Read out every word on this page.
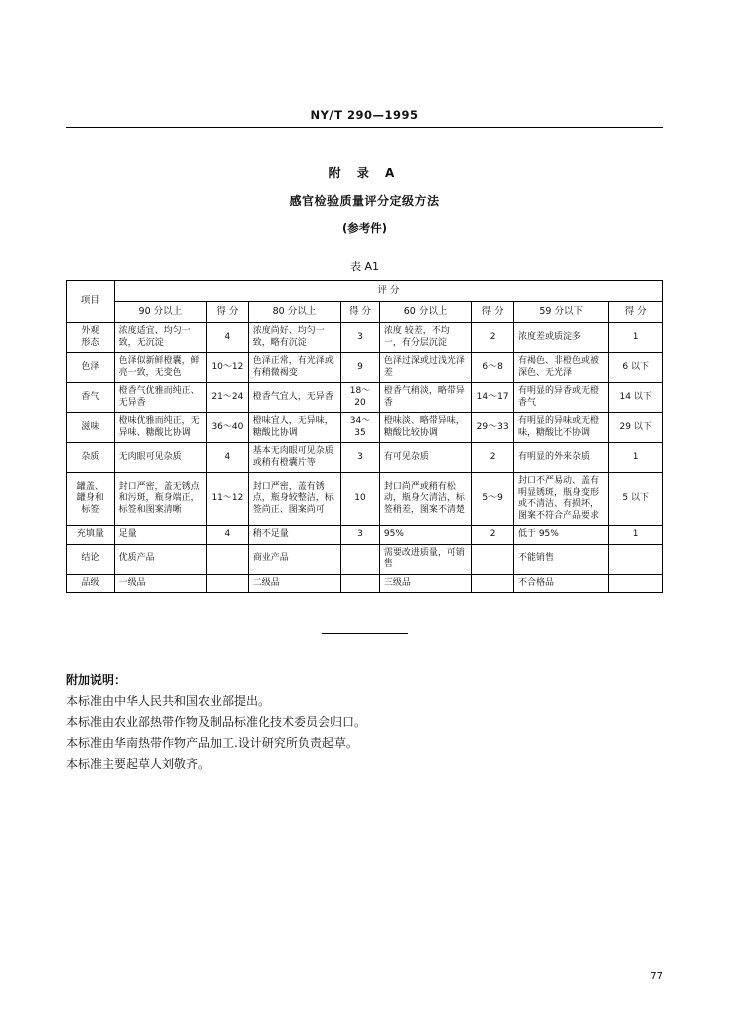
NY/T 290—1995
附 录 A
感官检验质量评分定级方法
(参考件)
表 A1
项目	评 分							
	90 分以上	得 分	80 分以上	得 分	60 分以上	得 分	59 分以下	得 分
外观
形态	浓度适宜、均匀一致，无沉淀	4	浓度尚好、均匀一致，略有沉淀	3	浓度 较差，不均一，有分层沉淀	2	浓度差或质淀多	1
色泽	色泽似新鲜橙囊，鲜亮一致，无变色	10～12	色泽正常，有光泽或有稍微褐变	9	色泽过深或过浅光泽差	6～8	有褐色、非橙色或被深色、无光泽	6 以下
香气	橙香气优雅而纯正、无异香	21～24	橙香气宜人，无异香	18～20	橙香气稍淡，略带异香	14～17	有明显的异香或无橙香气	14 以下
滋味	橙味优雅而纯正，无异味、糖酸比协调	36～40	橙味宜人，无异味，糖酸比协调	34～35	橙味淡、略带异味，糖酸比较协调	29～33	有明显的异味或无橙味，糖酸比不协调	29 以下
杂质	无肉眼可见杂质	4	基本无肉眼可见杂质或稍有橙囊片等	3	有可见杂质	2	有明显的外来杂质	1
罐盖、
罐身和
标签	封口严密，盖无锈点和污斑，瓶身端正，标签和图案清晰	11～12	封口严密，盖有锈点，瓶身较整洁，标签尚正、图案尚可	10	封口尚严或稍有松动，瓶身欠清洁，标签稍差，图案不清楚	5～9	封口不严易动、盖有明显锈斑，瓶身变形或不清洁、有损坏，图案不符合产品要求	5 以下
充填量	足量	4	稍不足量	3	95%	2	低于 95%	1
结论	优质产品		商业产品		需要改进质量，可销售		不能销售	
品级	一级品		二级品		三级品		不合格品	
附加说明：
本标准由中华人民共和国农业部提出。
本标准由农业部热带作物及制品标准化技术委员会归口。
本标准由华南热带作物产品加工.设计研究所负责起草。
本标准主要起草人刘敬齐。
77
